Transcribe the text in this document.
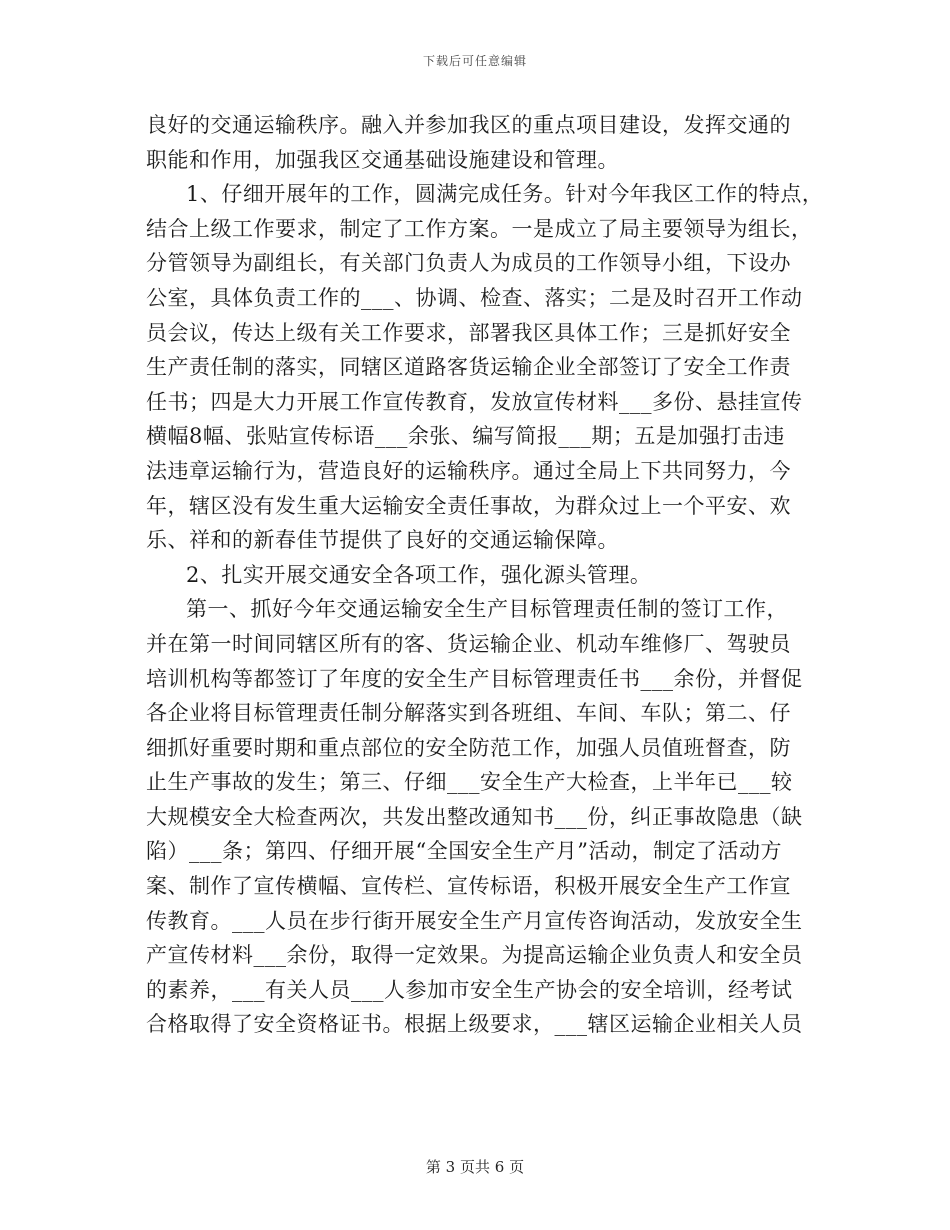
下载后可任意编辑
良好的交通运输秩序。融入并参加我区的重点项目建设，发挥交通的
职能和作用，加强我区交通基础设施建设和管理。
1、仔细开展年的工作，圆满完成任务。针对今年我区工作的特点，
结合上级工作要求，制定了工作方案。一是成立了局主要领导为组长，
分管领导为副组长，有关部门负责人为成员的工作领导小组，下设办
公室，具体负责工作的___、协调、检查、落实；二是及时召开工作动
员会议，传达上级有关工作要求，部署我区具体工作；三是抓好安全
生产责任制的落实，同辖区道路客货运输企业全部签订了安全工作责
任书；四是大力开展工作宣传教育，发放宣传材料___多份、悬挂宣传
横幅8幅、张贴宣传标语___余张、编写简报___期；五是加强打击违
法违章运输行为，营造良好的运输秩序。通过全局上下共同努力，今
年，辖区没有发生重大运输安全责任事故，为群众过上一个平安、欢
乐、祥和的新春佳节提供了良好的交通运输保障。
2、扎实开展交通安全各项工作，强化源头管理。
第一、抓好今年交通运输安全生产目标管理责任制的签订工作，
并在第一时间同辖区所有的客、货运输企业、机动车维修厂、驾驶员
培训机构等都签订了年度的安全生产目标管理责任书___余份，并督促
各企业将目标管理责任制分解落实到各班组、车间、车队；第二、仔
细抓好重要时期和重点部位的安全防范工作，加强人员值班督查，防
止生产事故的发生；第三、仔细___安全生产大检查，上半年已___较
大规模安全大检查两次，共发出整改通知书___份，纠正事故隐患（缺
陷）___条；第四、仔细开展“全国安全生产月”活动，制定了活动方
案、制作了宣传横幅、宣传栏、宣传标语，积极开展安全生产工作宣
传教育。___人员在步行街开展安全生产月宣传咨询活动，发放安全生
产宣传材料___余份，取得一定效果。为提高运输企业负责人和安全员
的素养，___有关人员___人参加市安全生产协会的安全培训，经考试
合格取得了安全资格证书。根据上级要求，___辖区运输企业相关人员
第 3 页共 6 页
